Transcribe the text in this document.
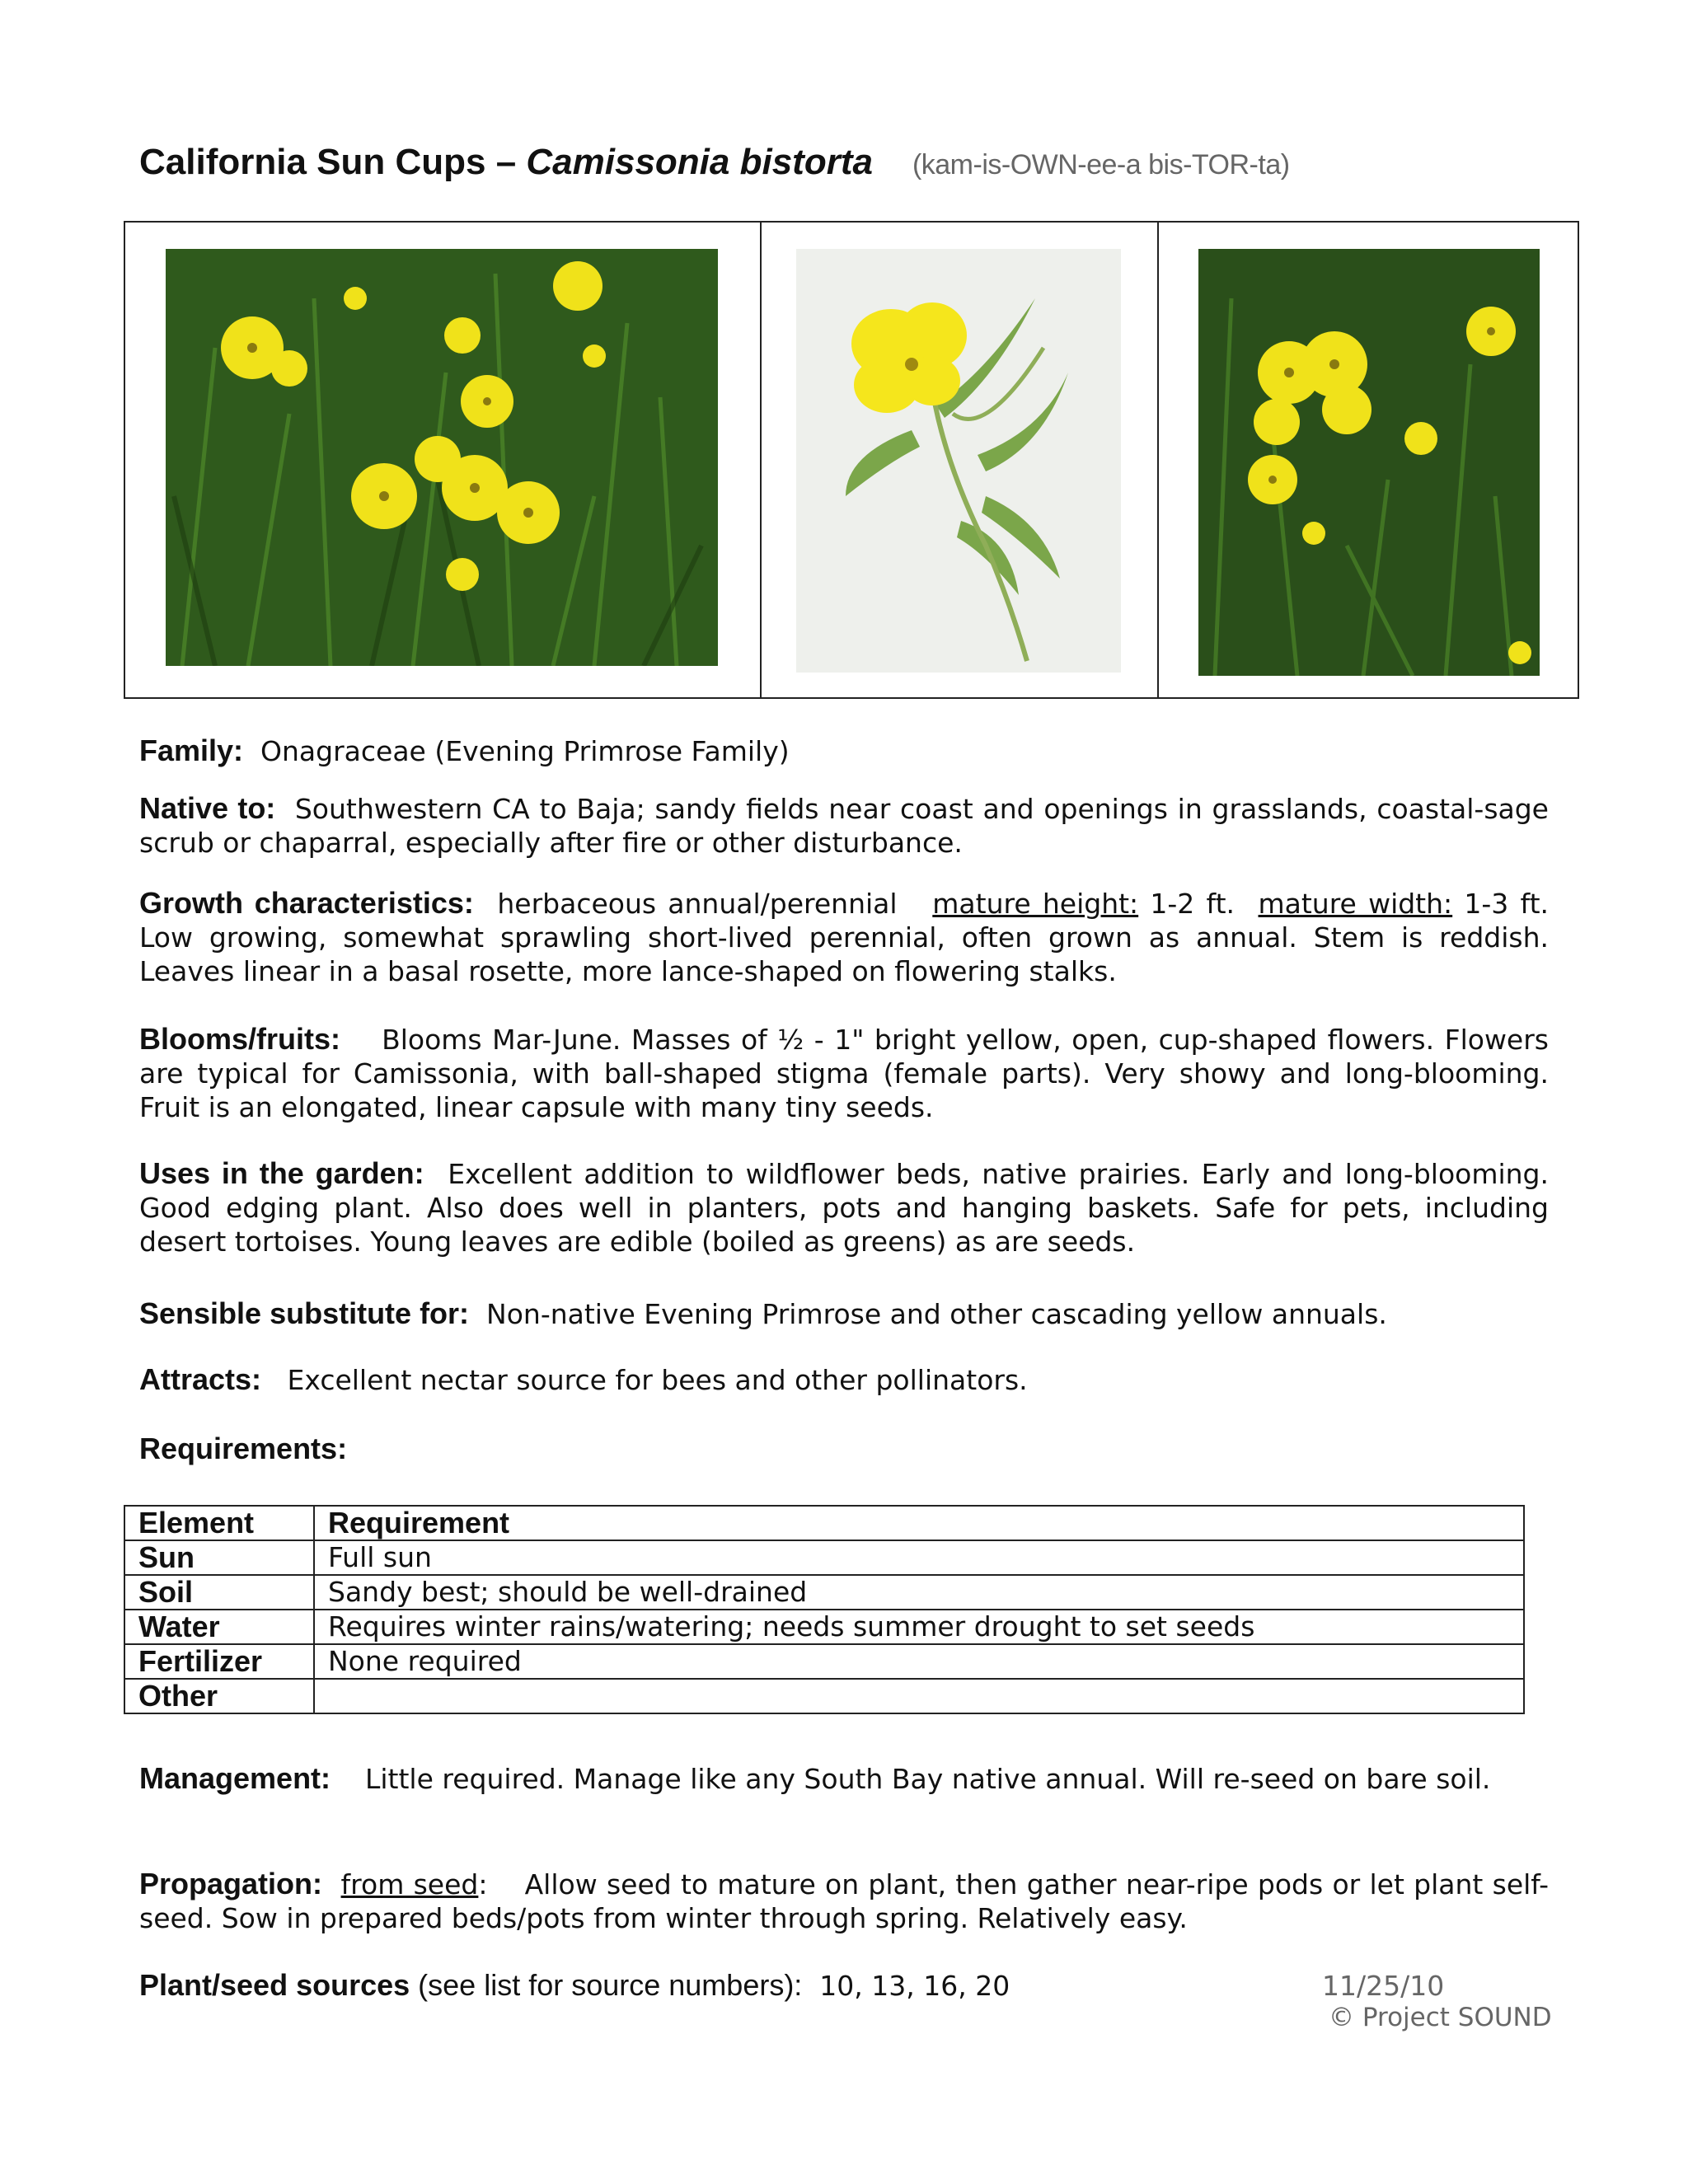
California Sun Cups – Camissonia bistorta (kam-is-OWN-ee-a bis-TOR-ta)
Family: Onagraceae (Evening Primrose Family)
Native to: Southwestern CA to Baja; sandy fields near coast and openings in grasslands, coastal-sage scrub or chaparral, especially after fire or other disturbance.
Growth characteristics: herbaceous annual/perennial mature height: 1-2 ft. mature width: 1-3 ft. Low growing, somewhat sprawling short-lived perennial, often grown as annual. Stem is reddish. Leaves linear in a basal rosette, more lance-shaped on flowering stalks.
Blooms/fruits: Blooms Mar-June. Masses of ½ - 1" bright yellow, open, cup-shaped flowers. Flowers are typical for Camissonia, with ball-shaped stigma (female parts). Very showy and long-blooming. Fruit is an elongated, linear capsule with many tiny seeds.
Uses in the garden: Excellent addition to wildflower beds, native prairies. Early and long-blooming. Good edging plant. Also does well in planters, pots and hanging baskets. Safe for pets, including desert tortoises. Young leaves are edible (boiled as greens) as are seeds.
Sensible substitute for: Non-native Evening Primrose and other cascading yellow annuals.
Attracts: Excellent nectar source for bees and other pollinators.
Requirements:
Element	Requirement
Sun	Full sun
Soil	Sandy best; should be well-drained
Water	Requires winter rains/watering; needs summer drought to set seeds
Fertilizer	None required
Other	
Management: Little required. Manage like any South Bay native annual. Will re-seed on bare soil.
Propagation: from seed:    Allow seed to mature on plant, then gather near-ripe pods or let plant self-seed. Sow in prepared beds/pots from winter through spring. Relatively easy.
Plant/seed sources (see list for source numbers): 10, 13, 16, 20	11/25/10
© Project SOUND
